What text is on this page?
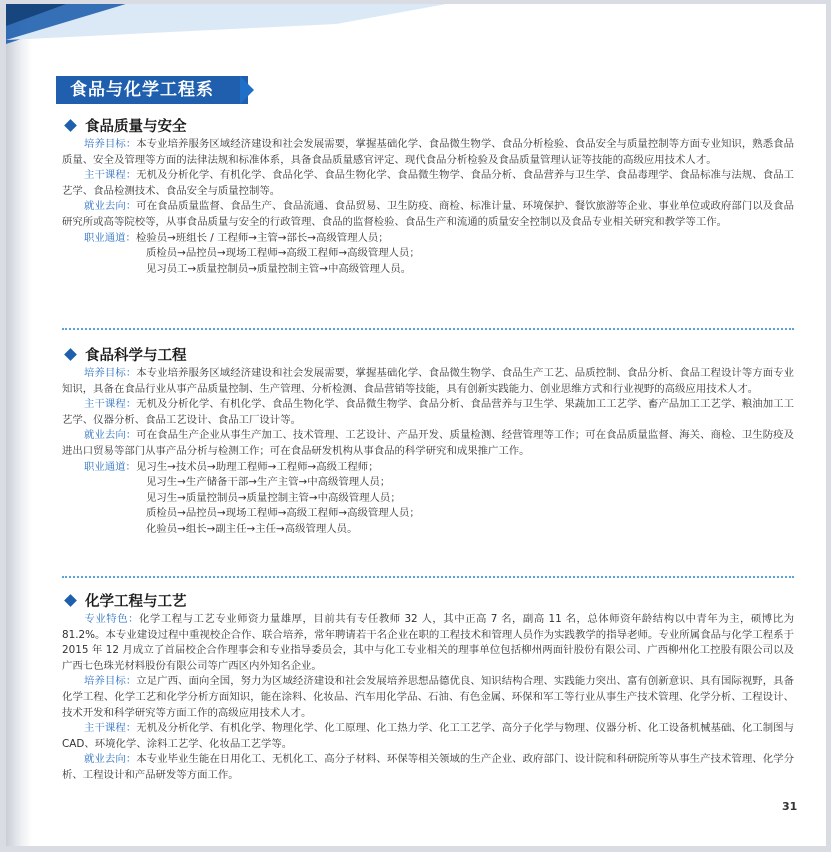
食品与化学工程系
食品质量与安全

培养目标：本专业培养服务区域经济建设和社会发展需要，掌握基础化学、食品微生物学、食品分析检验、食品安全与质量控制等方面专业知识，熟悉食品质量、安全及管理等方面的法律法规和标准体系，具备食品质量感官评定、现代食品分析检验及食品质量管理认证等技能的高级应用技术人才。

主干课程：无机及分析化学、有机化学、食品化学、食品生物化学、食品微生物学、食品分析、食品营养与卫生学、食品毒理学、食品标准与法规、食品工艺学、食品检测技术、食品安全与质量控制等。

就业去向：可在食品质量监督、食品生产、食品流通、食品贸易、卫生防疫、商检、标准计量、环境保护、餐饮旅游等企业、事业单位或政府部门以及食品研究所或高等院校等，从事食品质量与安全的行政管理、食品的监督检验、食品生产和流通的质量安全控制以及食品专业相关研究和教学等工作。

职业通道：检验员→班组长 / 工程师→主管→部长→高级管理人员；

质检员→品控员→现场工程师→高级工程师→高级管理人员；

见习员工→质量控制员→质量控制主管→中高级管理人员。

食品科学与工程

培养目标：本专业培养服务区域经济建设和社会发展需要，掌握基础化学、食品微生物学、食品生产工艺、品质控制、食品分析、食品工程设计等方面专业知识，具备在食品行业从事产品质量控制、生产管理、分析检测、食品营销等技能，具有创新实践能力、创业思维方式和行业视野的高级应用技术人才。

主干课程：无机及分析化学、有机化学、食品生物化学、食品微生物学、食品分析、食品营养与卫生学、果蔬加工工艺学、畜产品加工工艺学、粮油加工工艺学、仪器分析、食品工艺设计、食品工厂设计等。

就业去向：可在食品生产企业从事生产加工、技术管理、工艺设计、产品开发、质量检测、经营管理等工作；可在食品质量监督、海关、商检、卫生防疫及进出口贸易等部门从事产品分析与检测工作；可在食品研发机构从事食品的科学研究和成果推广工作。

职业通道：见习生→技术员→助理工程师→工程师→高级工程师；

见习生→生产储备干部→生产主管→中高级管理人员；

见习生→质量控制员→质量控制主管→中高级管理人员；

质检员→品控员→现场工程师→高级工程师→高级管理人员；

化验员→组长→副主任→主任→高级管理人员。

化学工程与工艺

专业特色：化学工程与工艺专业师资力量雄厚，目前共有专任教师 32 人，其中正高 7 名，副高 11 名，总体师资年龄结构以中青年为主，硕博比为 81.2%。本专业建设过程中重视校企合作、联合培养，常年聘请若干名企业在职的工程技术和管理人员作为实践教学的指导老师。专业所属食品与化学工程系于 2015 年 12 月成立了首届校企合作理事会和专业指导委员会，其中与化工专业相关的理事单位包括柳州两面针股份有限公司、广西柳州化工控股有限公司以及广西七色珠光材料股份有限公司等广西区内外知名企业。

培养目标：立足广西、面向全国，努力为区域经济建设和社会发展培养思想品德优良、知识结构合理、实践能力突出、富有创新意识、具有国际视野，具备化学工程、化学工艺和化学分析方面知识，能在涂料、化妆品、汽车用化学品、石油、有色金属、环保和军工等行业从事生产技术管理、化学分析、工程设计、技术开发和科学研究等方面工作的高级应用技术人才。

主干课程：无机及分析化学、有机化学、物理化学、化工原理、化工热力学、化工工艺学、高分子化学与物理、仪器分析、化工设备机械基础、化工制图与 CAD、环境化学、涂料工艺学、化妆品工艺学等。

就业去向：本专业毕业生能在日用化工、无机化工、高分子材料、环保等相关领域的生产企业、政府部门、设计院和科研院所等从事生产技术管理、化学分析、工程设计和产品研发等方面工作。

31
